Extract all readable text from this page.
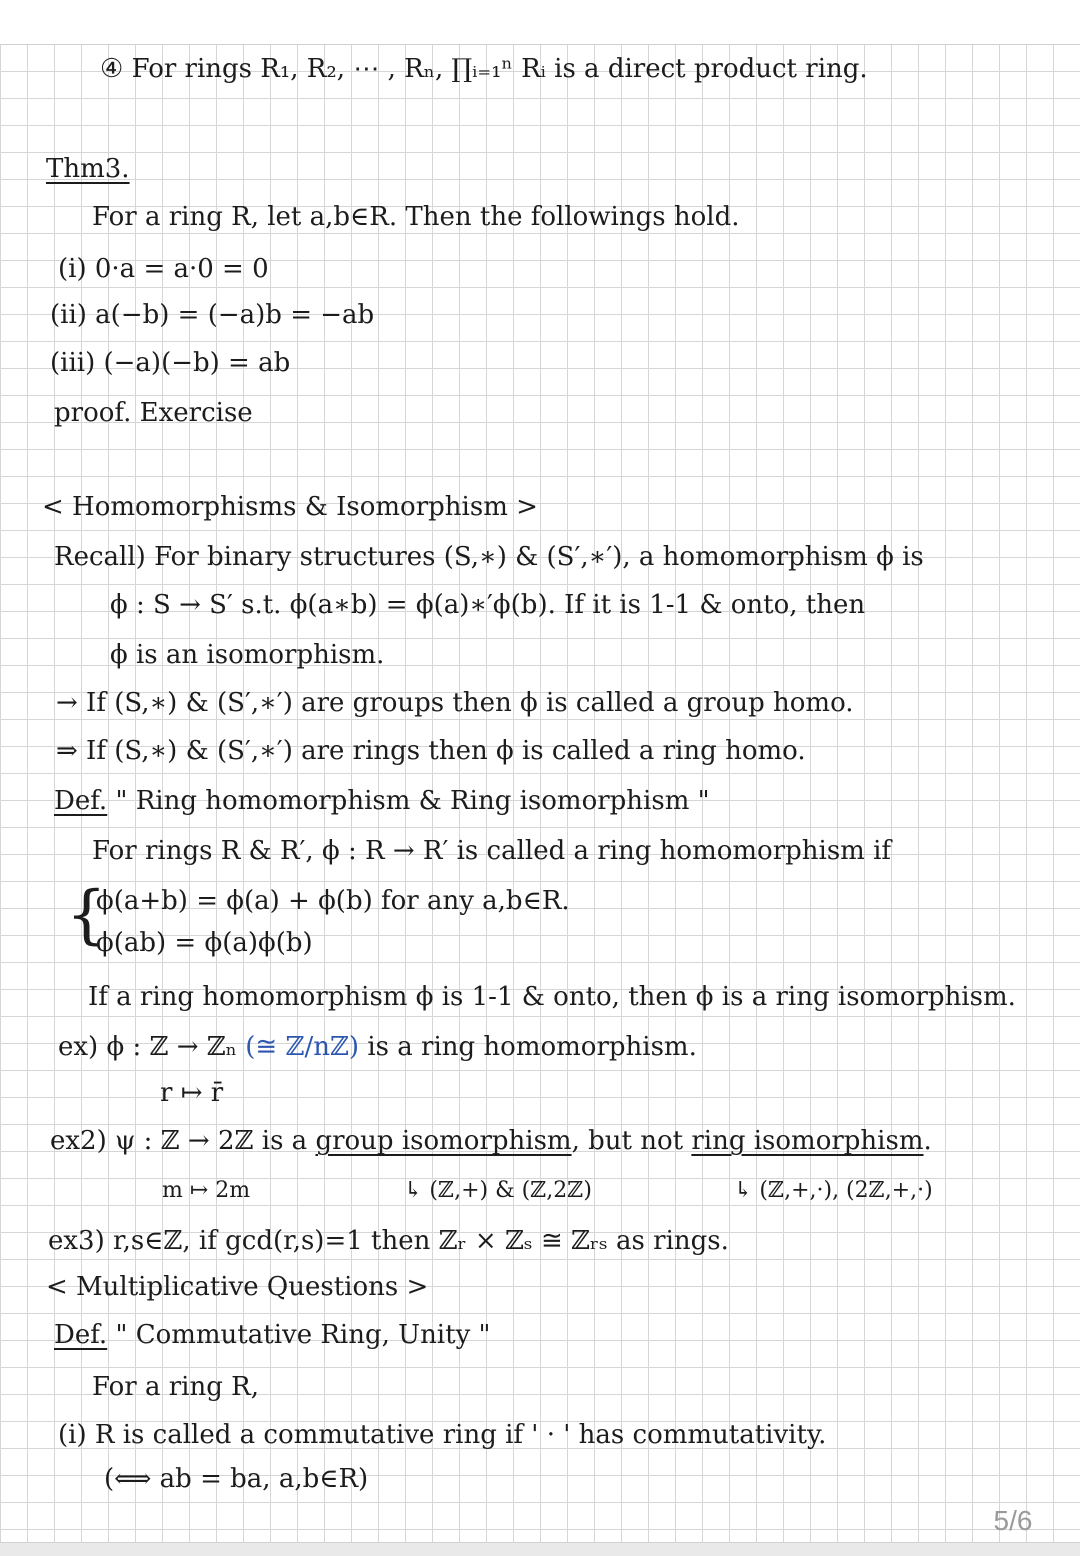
④ For rings R₁, R₂, ⋯ , Rₙ, ∏ᵢ₌₁ⁿ Rᵢ is a direct product ring.
Thm3.
For a ring R, let a,b∈R. Then the followings hold.
(i) 0·a = a·0 = 0
(ii) a(−b) = (−a)b = −ab
(iii) (−a)(−b) = ab
proof. Exercise
< Homomorphisms & Isomorphism >
Recall) For binary structures (S,∗) & (S′,∗′), a homomorphism ϕ is
ϕ : S → S′ s.t. ϕ(a∗b) = ϕ(a)∗′ϕ(b). If it is 1-1 & onto, then
ϕ is an isomorphism.
→ If (S,∗) & (S′,∗′) are groups then ϕ is called a group homo.
⇒ If (S,∗) & (S′,∗′) are rings then ϕ is called a ring homo.
Def. " Ring homomorphism & Ring isomorphism "
For rings R & R′, ϕ : R → R′ is called a ring homomorphism if
{
ϕ(a+b) = ϕ(a) + ϕ(b) for any a,b∈R.
ϕ(ab) = ϕ(a)ϕ(b)
If a ring homomorphism ϕ is 1-1 & onto, then ϕ is a ring isomorphism.
ex) ϕ : ℤ → ℤₙ (≅ ℤ/nℤ) is a ring homomorphism.
r ↦ r̄
ex2) ψ : ℤ → 2ℤ is a group isomorphism, but not ring isomorphism.
m ↦ 2m	↳ (ℤ,+) & (ℤ,2ℤ)	↳ (ℤ,+,·), (2ℤ,+,·)
ex3) r,s∈ℤ, if gcd(r,s)=1 then ℤᵣ × ℤₛ ≅ ℤᵣₛ as rings.
< Multiplicative Questions >
Def. " Commutative Ring, Unity "
For a ring R,
(i) R is called a commutative ring if ' · ' has commutativity.
(⟺ ab = ba, a,b∈R)
5/6
